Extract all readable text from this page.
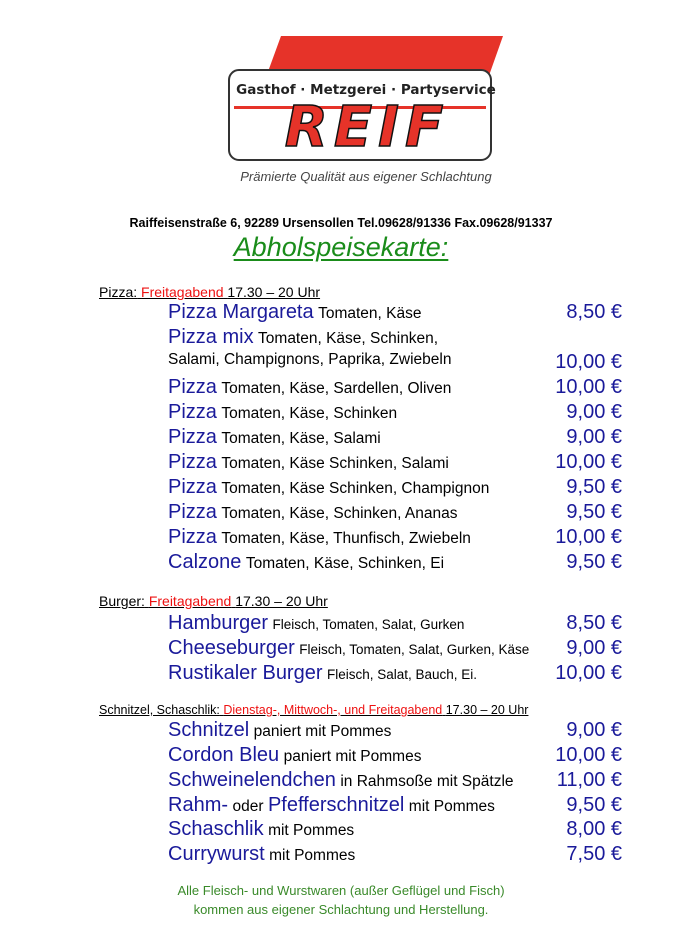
Gasthof · Metzgerei · Partyservice
REIF
Prämierte Qualität aus eigener Schlachtung
Raiffeisenstraße 6, 92289 Ursensollen Tel.09628/91336 Fax.09628/91337
Abholspeisekarte:
Pizza: Freitagabend 17.30 – 20 Uhr
Pizza Margareta Tomaten, Käse	8,50 €
Pizza mix Tomaten, Käse, Schinken,
Salami, Champignons, Paprika, Zwiebeln	10,00 €
Pizza Tomaten, Käse, Sardellen, Oliven	10,00 €
Pizza Tomaten, Käse, Schinken	9,00 €
Pizza Tomaten, Käse, Salami	9,00 €
Pizza Tomaten, Käse Schinken, Salami	10,00 €
Pizza Tomaten, Käse Schinken, Champignon	9,50 €
Pizza Tomaten, Käse, Schinken, Ananas	9,50 €
Pizza Tomaten, Käse, Thunfisch, Zwiebeln	10,00 €
Calzone Tomaten, Käse, Schinken, Ei	9,50 €
Burger: Freitagabend 17.30 – 20 Uhr
Hamburger Fleisch, Tomaten, Salat, Gurken	8,50 €
Cheeseburger Fleisch, Tomaten, Salat, Gurken, Käse 9,00 €
Rustikaler Burger Fleisch, Salat, Bauch, Ei.	10,00 €
Schnitzel, Schaschlik: Dienstag-, Mittwoch-, und Freitagabend 17.30 – 20 Uhr
Schnitzel paniert mit Pommes	9,00 €
Cordon Bleu paniert mit Pommes	10,00 €
Schweinelendchen in Rahmsoße mit Spätzle 11,00 €
Rahm- oder Pfefferschnitzel mit Pommes	9,50 €
Schaschlik mit Pommes	8,00 €
Currywurst mit Pommes	7,50 €
Alle Fleisch- und Wurstwaren (außer Geflügel und Fisch)
kommen aus eigener Schlachtung und Herstellung.
